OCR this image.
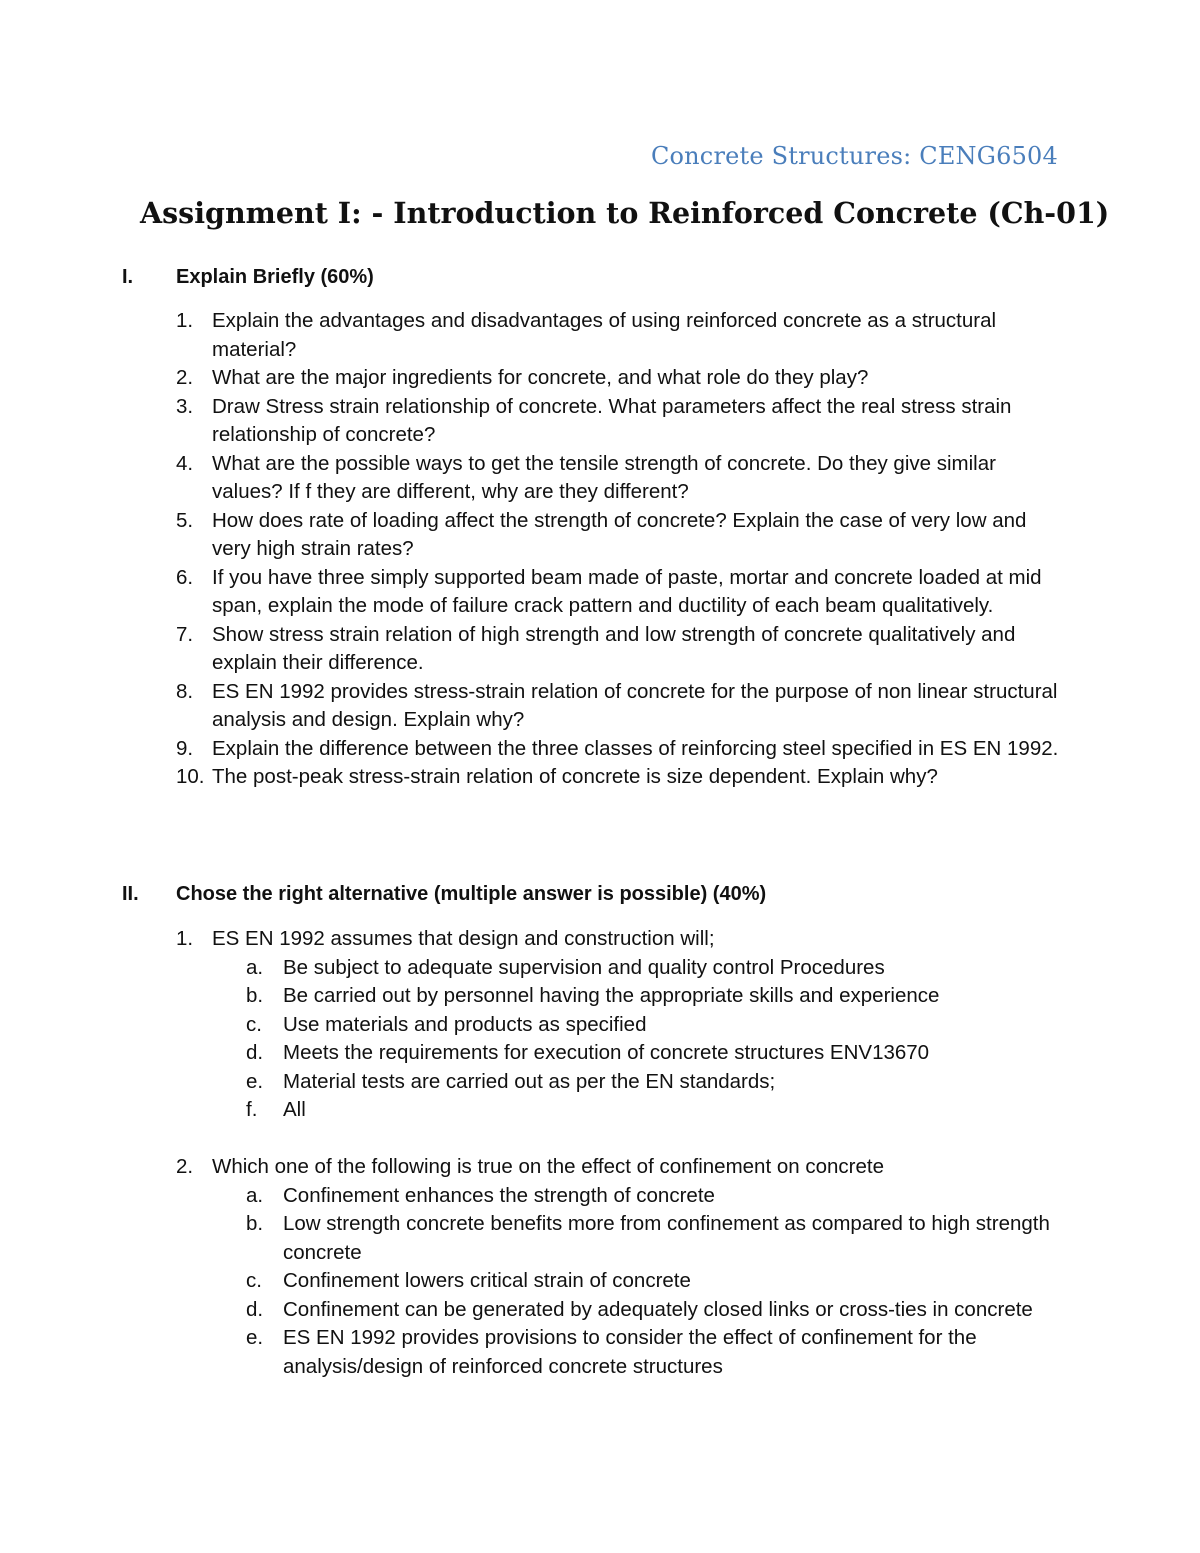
Concrete Structures: CENG6504
Assignment I: - Introduction to Reinforced Concrete (Ch-01)
I. Explain Briefly (60%)
1. Explain the advantages and disadvantages of using reinforced concrete as a structural material?
2. What are the major ingredients for concrete, and what role do they play?
3. Draw Stress strain relationship of concrete. What parameters affect the real stress strain relationship of concrete?
4. What are the possible ways to get the tensile strength of concrete. Do they give similar values? If f they are different, why are they different?
5. How does rate of loading affect the strength of concrete? Explain the case of very low and very high strain rates?
6. If you have three simply supported beam made of paste, mortar and concrete loaded at mid span, explain the mode of failure crack pattern and ductility of each beam qualitatively.
7. Show stress strain relation of high strength and low strength of concrete qualitatively and explain their difference.
8. ES EN 1992 provides stress-strain relation of concrete for the purpose of non linear structural analysis and design. Explain why?
9. Explain the difference between the three classes of reinforcing steel specified in ES EN 1992.
10. The post-peak stress-strain relation of concrete is size dependent. Explain why?
II. Chose the right alternative (multiple answer is possible) (40%)
1. ES EN 1992 assumes that design and construction will;
a. Be subject to adequate supervision and quality control Procedures
b. Be carried out by personnel having the appropriate skills and experience
c. Use materials and products as specified
d. Meets the requirements for execution of concrete structures ENV13670
e. Material tests are carried out as per the EN standards;
f. All
2. Which one of the following is true on the effect of confinement on concrete
a. Confinement enhances the strength of concrete
b. Low strength concrete benefits more from confinement as compared to high strength concrete
c. Confinement lowers critical strain of concrete
d. Confinement can be generated by adequately closed links or cross-ties in concrete
e. ES EN 1992 provides provisions to consider the effect of confinement for the analysis/design of reinforced concrete structures
